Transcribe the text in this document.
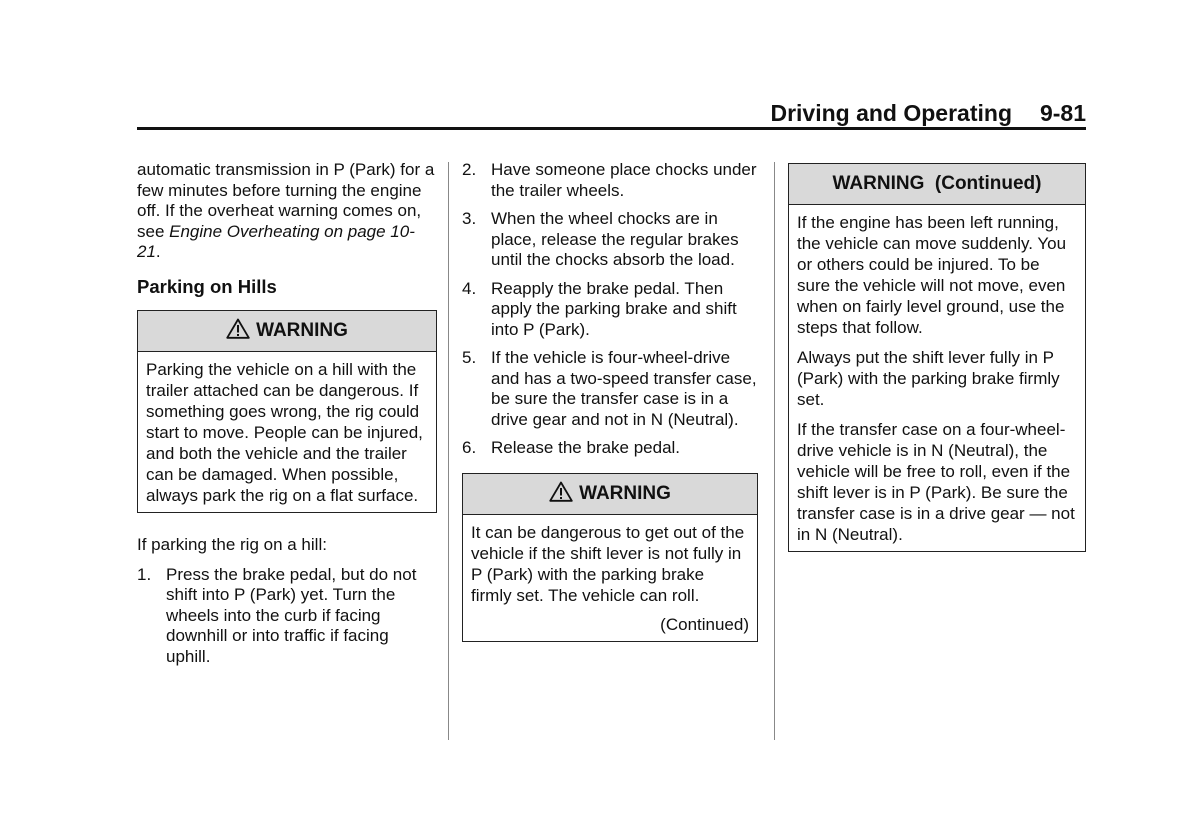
Driving and Operating 9-81

automatic transmission in P (Park) for a few minutes before turning the engine off. If the overheat warning comes on, see Engine Overheating on page 10-21.

Parking on Hills
WARNING

Parking the vehicle on a hill with the trailer attached can be dangerous. If something goes wrong, the rig could start to move. People can be injured, and both the vehicle and the trailer can be damaged. When possible, always park the rig on a flat surface.

If parking the rig on a hill:

1. Press the brake pedal, but do not shift into P (Park) yet. Turn the wheels into the curb if facing downhill or into traffic if facing uphill.
2. Have someone place chocks under the trailer wheels.
3. When the wheel chocks are in place, release the regular brakes until the chocks absorb the load.
4. Reapply the brake pedal. Then apply the parking brake and shift into P (Park).
5. If the vehicle is four-wheel-drive and has a two-speed transfer case, be sure the transfer case is in a drive gear and not in N (Neutral).
6. Release the brake pedal.
WARNING

It can be dangerous to get out of the vehicle if the shift lever is not fully in P (Park) with the parking brake firmly set. The vehicle can roll.

(Continued)
WARNING  (Continued)

If the engine has been left running, the vehicle can move suddenly. You or others could be injured. To be sure the vehicle will not move, even when on fairly level ground, use the steps that follow.

Always put the shift lever fully in P (Park) with the parking brake firmly set.

If the transfer case on a four-wheel-drive vehicle is in N (Neutral), the vehicle will be free to roll, even if the shift lever is in P (Park). Be sure the transfer case is in a drive gear — not in N (Neutral).
